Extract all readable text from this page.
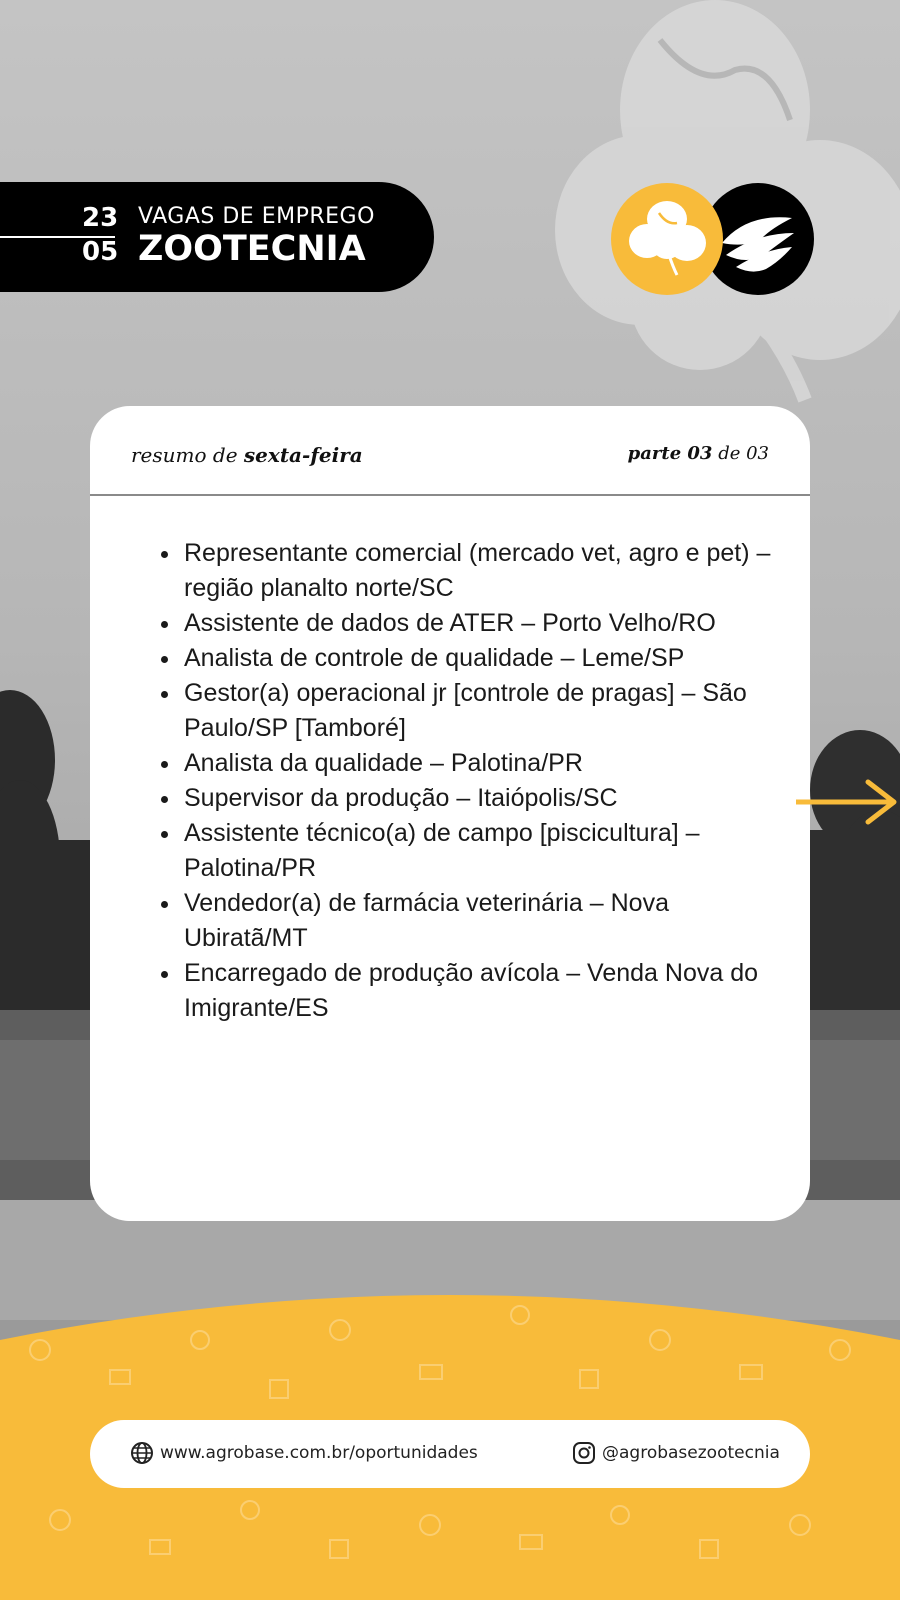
23
05
VAGAS DE EMPREGO
ZOOTECNIA
resumo de sexta-feira	parte 03 de 03
• Representante comercial (mercado vet, agro e pet) – região planalto norte/SC
• Assistente de dados de ATER – Porto Velho/RO
• Analista de controle de qualidade – Leme/SP
• Gestor(a) operacional jr [controle de pragas] – São Paulo/SP [Tamboré]
• Analista da qualidade – Palotina/PR
• Supervisor da produção – Itaiópolis/SC
• Assistente técnico(a) de campo [piscicultura] – Palotina/PR
• Vendedor(a) de farmácia veterinária – Nova Ubiratã/MT
• Encarregado de produção avícola – Venda Nova do Imigrante/ES
www.agrobase.com.br/oportunidades	@agrobasezootecnia
